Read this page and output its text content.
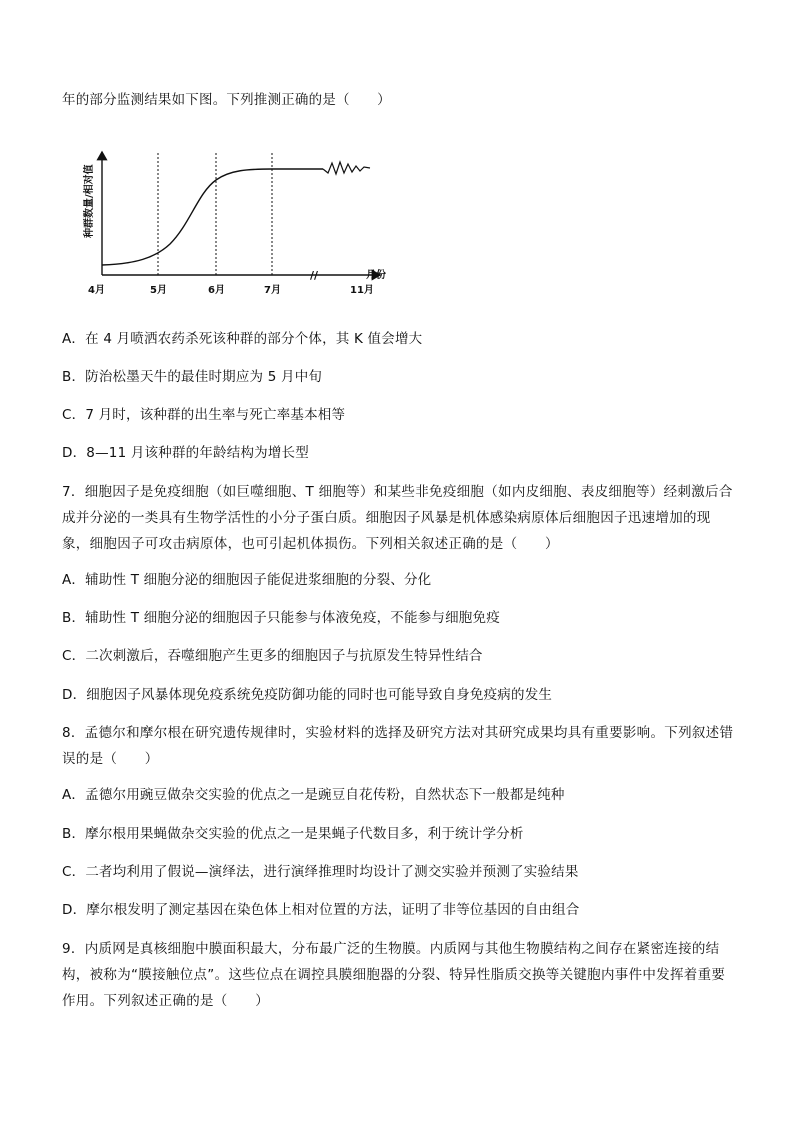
年的部分监测结果如下图。下列推测正确的是（　　）
//
4月	5月	6月	7月	11月
月份
种群数量/相对值
A．在 4 月喷洒农药杀死该种群的部分个体，其 K 值会增大
B．防治松墨天牛的最佳时期应为 5 月中旬
C．7 月时，该种群的出生率与死亡率基本相等
D．8—11 月该种群的年龄结构为增长型
7．细胞因子是免疫细胞（如巨噬细胞、T 细胞等）和某些非免疫细胞（如内皮细胞、表皮细胞等）经刺激后合成并分泌的一类具有生物学活性的小分子蛋白质。细胞因子风暴是机体感染病原体后细胞因子迅速增加的现象，细胞因子可攻击病原体，也可引起机体损伤。下列相关叙述正确的是（　　）
A．辅助性 T 细胞分泌的细胞因子能促进浆细胞的分裂、分化
B．辅助性 T 细胞分泌的细胞因子只能参与体液免疫，不能参与细胞免疫
C．二次刺激后，吞噬细胞产生更多的细胞因子与抗原发生特异性结合
D．细胞因子风暴体现免疫系统免疫防御功能的同时也可能导致自身免疫病的发生
8．孟德尔和摩尔根在研究遗传规律时，实验材料的选择及研究方法对其研究成果均具有重要影响。下列叙述错误的是（　　）
A．孟德尔用豌豆做杂交实验的优点之一是豌豆自花传粉，自然状态下一般都是纯种
B．摩尔根用果蝇做杂交实验的优点之一是果蝇子代数目多，利于统计学分析
C．二者均利用了假说—演绎法，进行演绎推理时均设计了测交实验并预测了实验结果
D．摩尔根发明了测定基因在染色体上相对位置的方法，证明了非等位基因的自由组合
9．内质网是真核细胞中膜面积最大，分布最广泛的生物膜。内质网与其他生物膜结构之间存在紧密连接的结构，被称为“膜接触位点”。这些位点在调控具膜细胞器的分裂、特异性脂质交换等关键胞内事件中发挥着重要作用。下列叙述正确的是（　　）
